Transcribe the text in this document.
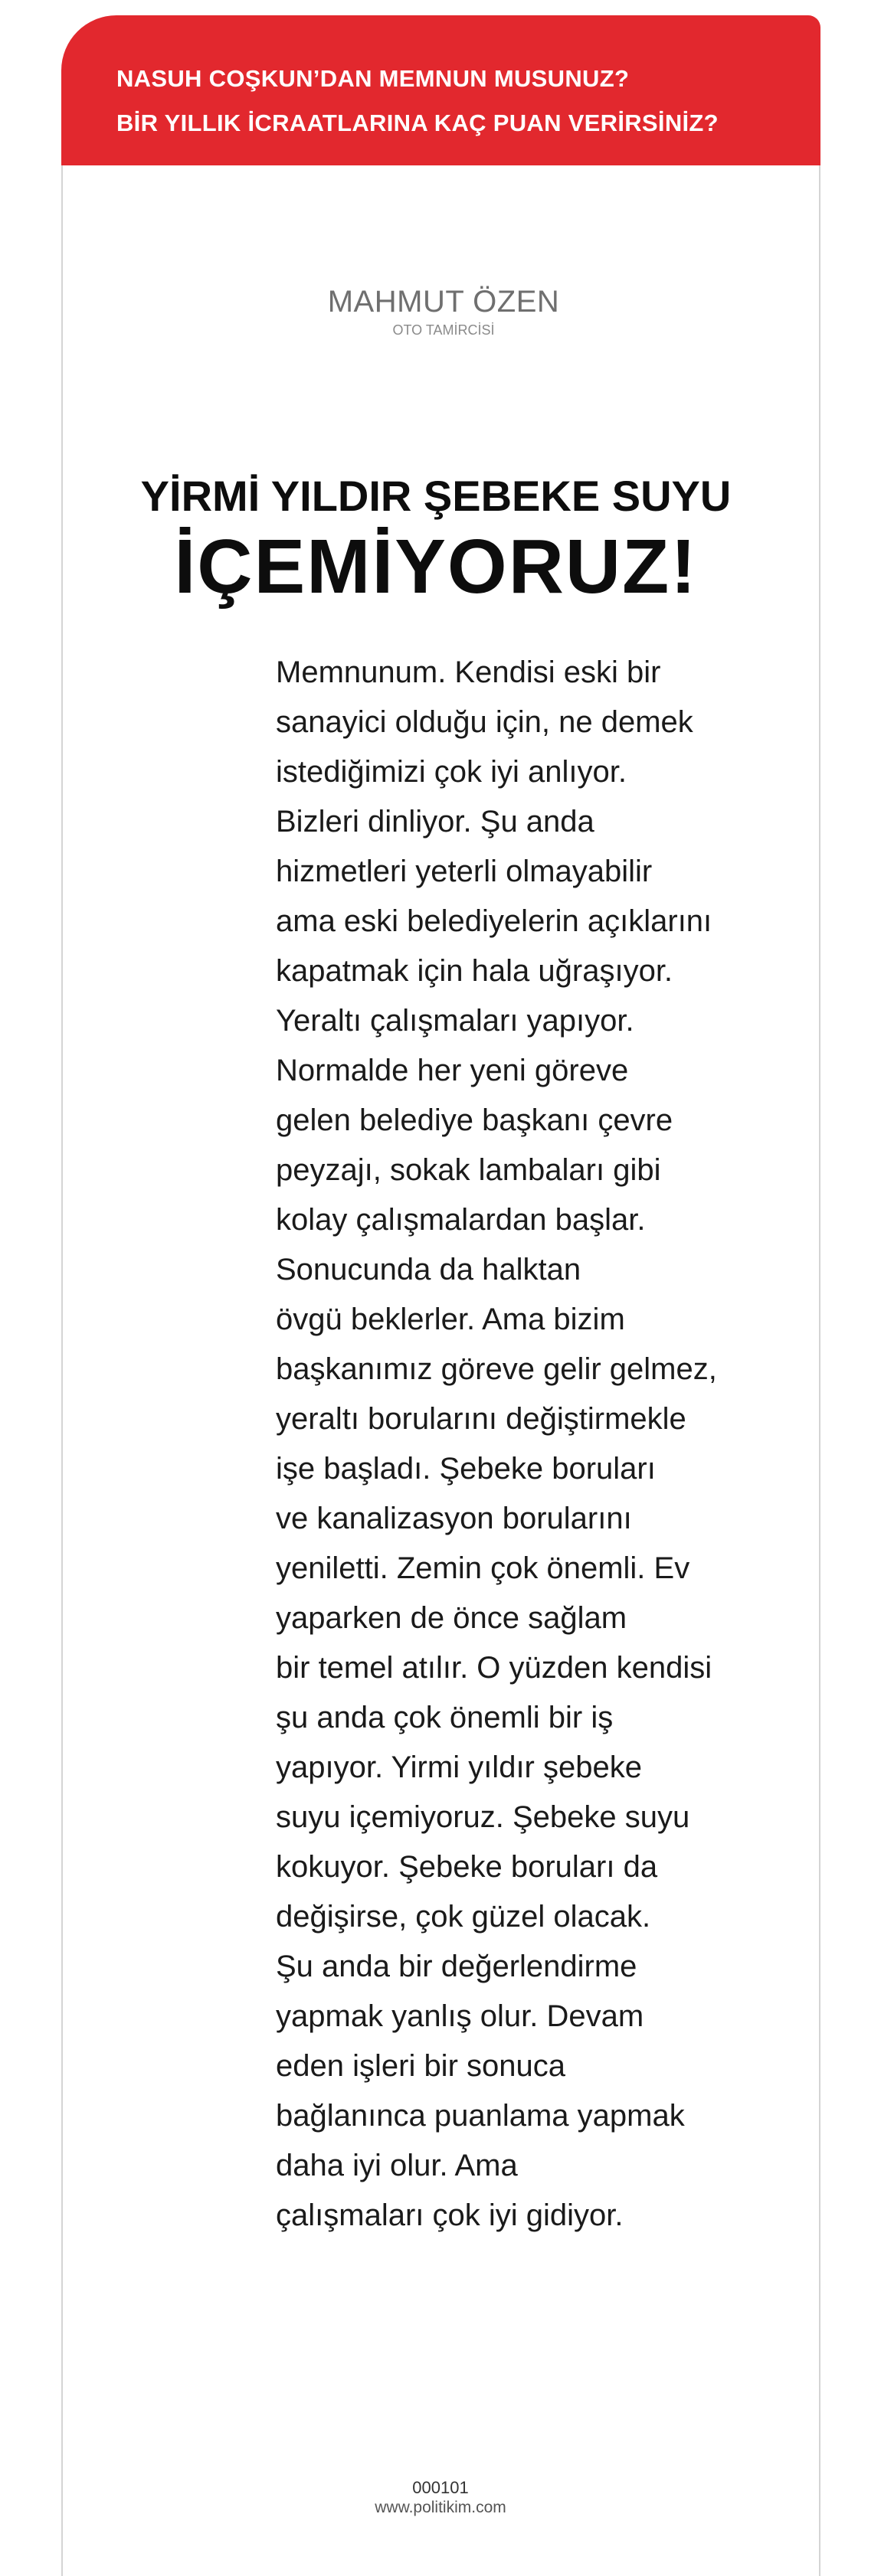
NASUH COŞKUN’DAN MEMNUN MUSUNUZ?
BİR YILLIK İCRAATLARINA KAÇ PUAN VERİRSİNİZ?
MAHMUT ÖZEN
OTO TAMİRCİSİ
YİRMİ YILDIR ŞEBEKE SUYU
İÇEMİYORUZ!
Memnunum. Kendisi eski bir
sanayici olduğu için, ne demek
istediğimizi çok iyi anlıyor.
Bizleri dinliyor. Şu anda
hizmetleri yeterli olmayabilir
ama eski belediyelerin açıklarını
kapatmak için hala uğraşıyor.
Yeraltı çalışmaları yapıyor.
Normalde her yeni göreve
gelen belediye başkanı çevre
peyzajı, sokak lambaları gibi
kolay çalışmalardan başlar.
Sonucunda da halktan
övgü beklerler. Ama bizim
başkanımız göreve gelir gelmez,
yeraltı borularını değiştirmekle
işe başladı. Şebeke boruları
ve kanalizasyon borularını
yeniletti. Zemin çok önemli. Ev
yaparken de önce sağlam
bir temel atılır. O yüzden kendisi
şu anda çok önemli bir iş
yapıyor. Yirmi yıldır şebeke
suyu içemiyoruz. Şebeke suyu
kokuyor. Şebeke boruları da
değişirse, çok güzel olacak.
Şu anda bir değerlendirme
yapmak yanlış olur. Devam
eden işleri bir sonuca
bağlanınca puanlama yapmak
daha iyi olur. Ama
çalışmaları çok iyi gidiyor.
000101
www.politikim.com
